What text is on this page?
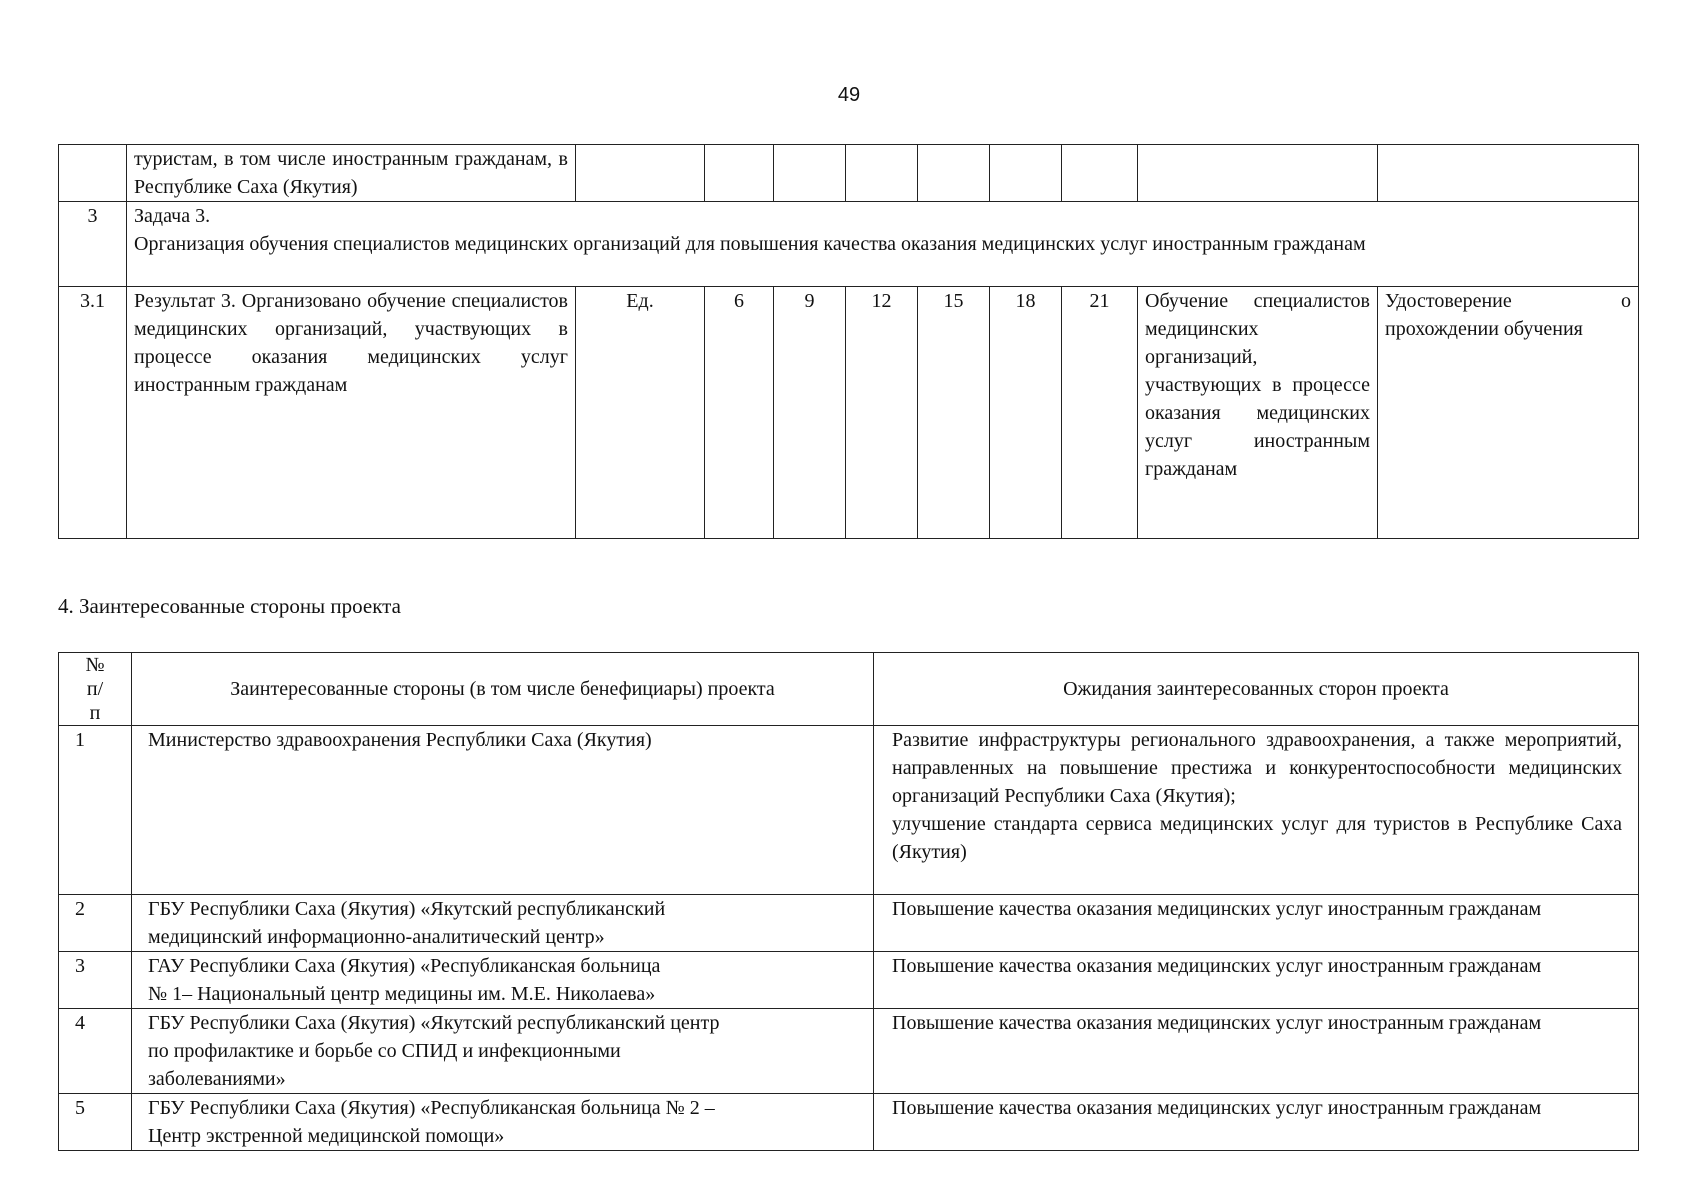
49
	туристам, в том числе иностранным гражданам, в Республике Саха (Якутия)									
3	Задача 3.
Организация обучения специалистов медицинских организаций для повышения качества оказания медицинских услуг иностранным гражданам									

3.1	Результат 3. Организовано обучение специалистов медицинских организаций, участвующих в процессе оказания медицинских услуг иностранным гражданам	Ед.	6	9	12	15	18	21	Обучение специалистов медицинских организаций, участвующих в процессе оказания медицинских услуг иностранным гражданам	Удостоверение о прохождении обучения
4. Заинтересованные стороны проекта
№ п/п	Заинтересованные стороны (в том числе бенефициары) проекта	Ожидания заинтересованных сторон проекта
1	Министерство здравоохранения Республики Саха (Якутия)	Развитие инфраструктуры регионального здравоохранения, а также мероприятий, направленных на повышение престижа и конкурентоспособности медицинских организаций Республики Саха (Якутия);
улучшение стандарта сервиса медицинских услуг для туристов в Республике Саха (Якутия)

2	ГБУ Республики Саха (Якутия) «Якутский республиканский
медицинский информационно-аналитический центр»	Повышение качества оказания медицинских услуг иностранным гражданам
3	ГАУ Республики Саха (Якутия) «Республиканская больница
№ 1– Национальный центр медицины им. М.Е. Николаева»	Повышение качества оказания медицинских услуг иностранным гражданам
4	ГБУ Республики Саха (Якутия) «Якутский республиканский центр
по профилактике и борьбе со СПИД и инфекционными
заболеваниями»	Повышение качества оказания медицинских услуг иностранным гражданам
5	ГБУ Республики Саха (Якутия) «Республиканская больница № 2 –
Центр экстренной медицинской помощи»	Повышение качества оказания медицинских услуг иностранным гражданам
